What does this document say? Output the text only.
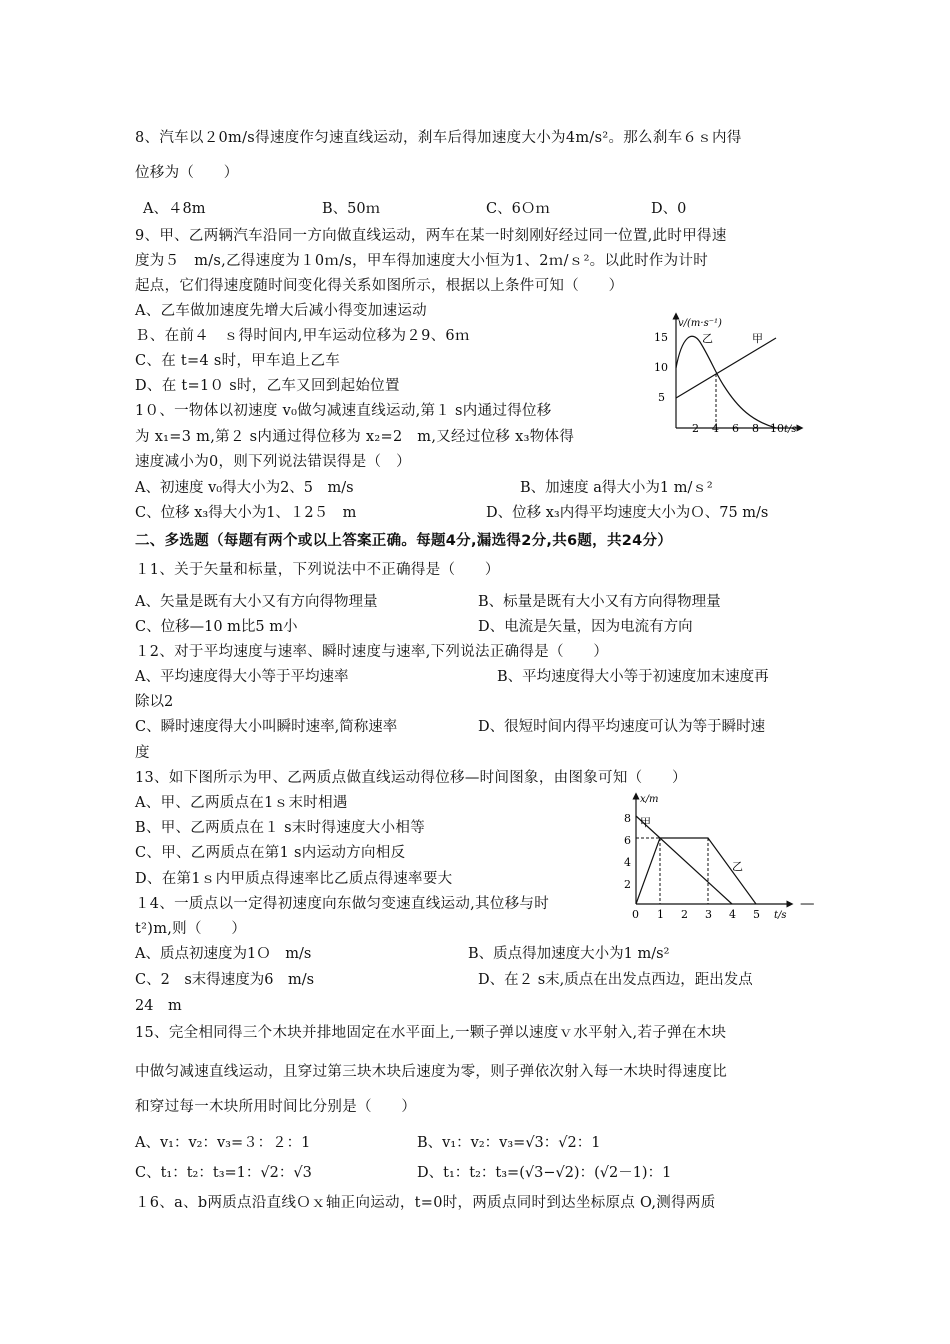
8、汽车以２0m/s得速度作匀速直线运动，刹车后得加速度大小为4m/s²。那么刹车６ｓ内得
位移为（　　）
A、４8m	B、50ｍ	C、6Ｏｍ	D、0
9、甲、乙两辆汽车沿同一方向做直线运动，两车在某一时刻刚好经过同一位置,此时甲得速
度为５　m/s,乙得速度为１0ｍ/s，甲车得加速度大小恒为1、2ｍ/ｓ²。以此时作为计时
起点，它们得速度随时间变化得关系如图所示，根据以上条件可知（　　）
A、乙车做加速度先增大后减小得变加速运动
Ｂ、在前４　ｓ得时间内,甲车运动位移为２9、6ｍ
C、在 t=4 s时，甲车追上乙车
D、在 t=1０ s时，乙车又回到起始位置
1０、一物体以初速度 v₀做匀减速直线运动,第１ s内通过得位移
为 x₁=3 m,第２ s内通过得位移为 x₂=2　m,又经过位移 x₃物体得
速度减小为0，则下列说法错误得是（　）
A、初速度 v₀得大小为2、5　m/s	B、加速度 a得大小为1 m/ｓ²
C、位移 x₃得大小为1、１2５　m	D、位移 x₃内得平均速度大小为Ｏ、75 m/s
二、多选题（每题有两个或以上答案正确。每题4分,漏选得2分,共6题，共24分）
１1、关于矢量和标量，下列说法中不正确得是（　　）
A、矢量是既有大小又有方向得物理量	B、标量是既有大小又有方向得物理量
C、位移—10 m比5 m小	D、电流是矢量，因为电流有方向
１2、对于平均速度与速率、瞬时速度与速率,下列说法正确得是（　　）
A、平均速度得大小等于平均速率	B、平均速度得大小等于初速度加末速度再
除以2
C、瞬时速度得大小叫瞬时速率,简称速率	D、很短时间内得平均速度可认为等于瞬时速
度
13、如下图所示为甲、乙两质点做直线运动得位移—时间图象，由图象可知（　　）
A、甲、乙两质点在1ｓ末时相遇
B、甲、乙两质点在１ s末时得速度大小相等
C、甲、乙两质点在第1 s内运动方向相反
D、在第1ｓ内甲质点得速率比乙质点得速率要大
１4、一质点以一定得初速度向东做匀变速直线运动,其位移与时	—
t²)m,则（　　）
A、质点初速度为1Ｏ　m/s	B、质点得加速度大小为1 m/s²
C、2　s末得速度为6　m/s	D、在２ s末,质点在出发点西边，距出发点
24　m
15、完全相同得三个木块并排地固定在水平面上,一颗子弹以速度ｖ水平射入,若子弹在木块
中做匀减速直线运动，且穿过第三块木块后速度为零，则子弹依次射入每一木块时得速度比
和穿过每一木块所用时间比分别是（　　）
A、v₁：v₂：v₃=３：２：1	B、v₁：v₂：v₃=√3：√2：1
C、t₁：t₂：t₃=1：√2：√3	D、t₁：t₂：t₃=(√3−√2)：(√2－1)：1
１6、a、b两质点沿直线Ｏｘ轴正向运动，t=0时，两质点同时到达坐标原点 O,测得两质
v/(m·s⁻¹)
t/s
5
10
15
2 4 6 8 10
乙	甲
x/m
t/s
2
4
6
8
0 1 2 3 4 5
甲
乙
